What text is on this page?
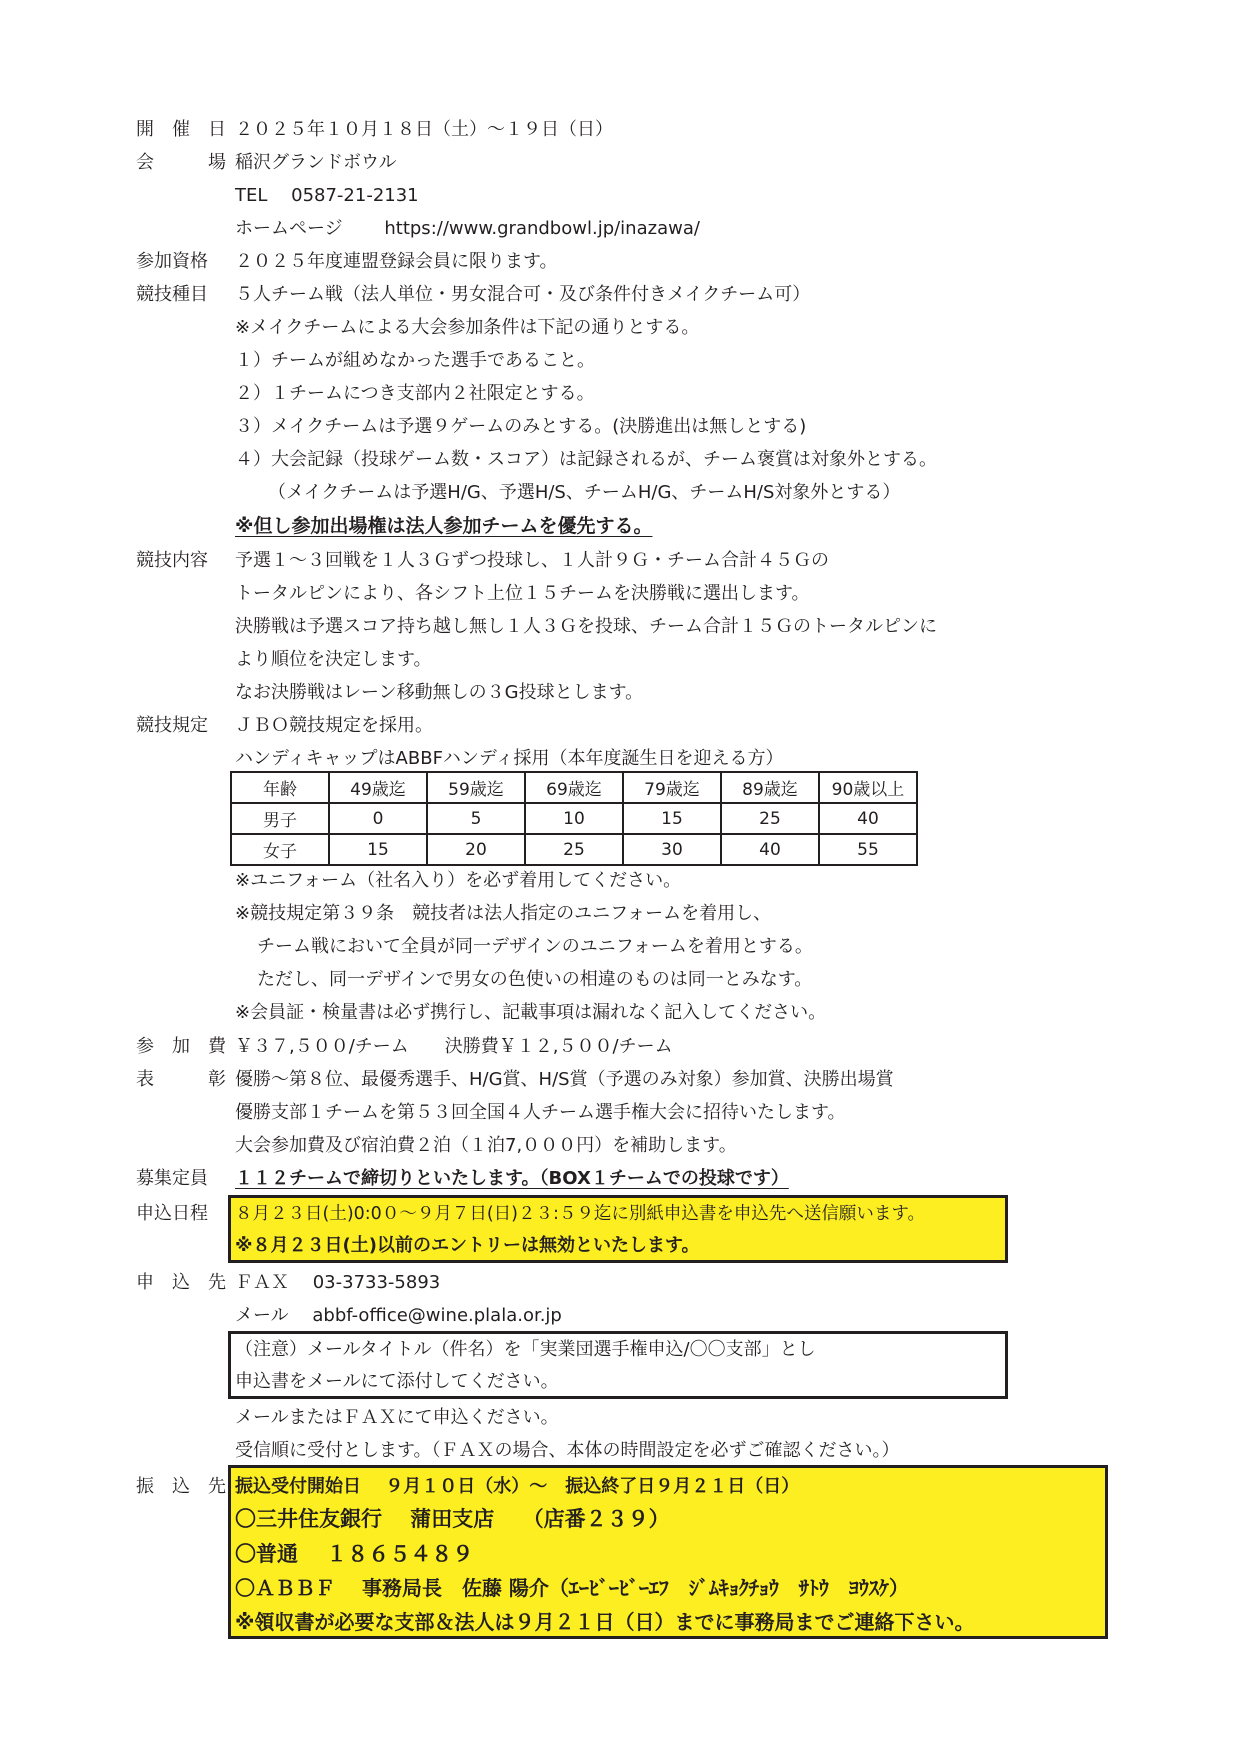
開　催　日 ２０２５年１０月１８日（土）～１９日（日）
会　　　場 稲沢グランドボウル
TEL　 0587-21-2131
ホームページ　　 https://www.grandbowl.jp/inazawa/
参加資格 ２０２５年度連盟登録会員に限ります。
競技種目 ５人チーム戦（法人単位・男女混合可・及び条件付きメイクチーム可）
※メイクチームによる大会参加条件は下記の通りとする。
１）チームが組めなかった選手であること。
２）１チームにつき支部内２社限定とする。
３）メイクチームは予選９ゲームのみとする。(決勝進出は無しとする)
４）大会記録（投球ゲーム数・スコア）は記録されるが、チーム褒賞は対象外とする。
（メイクチームは予選H/G、予選H/S、チームH/G、チームH/S対象外とする）
※但し参加出場権は法人参加チームを優先する。
競技内容 予選１～３回戦を１人３Ｇずつ投球し、１人計９Ｇ・チーム合計４５Ｇの
トータルピンにより、各シフト上位１５チームを決勝戦に選出します。
決勝戦は予選スコア持ち越し無し１人３Ｇを投球、チーム合計１５Ｇのトータルピンに
より順位を決定します。
なお決勝戦はレーン移動無しの３G投球とします。
競技規定 ＪＢＯ競技規定を採用。
ハンディキャップはABBFハンディ採用（本年度誕生日を迎える方）
年齢	49歳迄	59歳迄	69歳迄	79歳迄	89歳迄	90歳以上
男子	0	5	10	15	25	40
女子	15	20	25	30	40	55
※ユニフォーム（社名入り）を必ず着用してください。
※競技規定第３９条　競技者は法人指定のユニフォームを着用し、
チーム戦において全員が同一デザインのユニフォームを着用とする。
ただし、同一デザインで男女の色使いの相違のものは同一とみなす。
※会員証・検量書は必ず携行し、記載事項は漏れなく記入してください。
参　加　費 ￥３７,５００/チーム　　決勝費￥１２,５００/チーム
表　　　彰 優勝～第８位、最優秀選手、H/G賞、H/S賞（予選のみ対象）参加賞、決勝出場賞
優勝支部１チームを第５３回全国４人チーム選手権大会に招待いたします。
大会参加費及び宿泊費２泊（１泊7,０００円）を補助します。
募集定員 １１２チームで締切りといたします。（BOX１チームでの投球です）
申込日程 ８月２３日(土)0:0０～９月７日(日)２３:５９迄に別紙申込書を申込先へ送信願います。
※８月２３日(土)以前のエントリーは無効といたします。
申　込　先 ＦＡＸ　 03-3733-5893
メール　 abbf-office@wine.plala.or.jp
（注意）メールタイトル（件名）を「実業団選手権申込/〇〇支部」とし
申込書をメールにて添付してください。
メールまたはＦＡＸにて申込ください。
受信順に受付とします。（ＦＡＸの場合、本体の時間設定を必ずご確認ください。）
振　込　先 振込受付開始日　 ９月１０日（水）～　振込終了日９月２１日（日）
〇三井住友銀行　 蒲田支店　 （店番２３９）
〇普通　 １８６５４８９
〇ＡＢＢＦ　 事務局長　佐藤 陽介（ｴｰﾋﾞｰﾋﾞｰｴﾌ　ｼﾞﾑｷｮｸﾁｮｳ　ｻﾄｳ　ﾖｳｽｹ）
※領収書が必要な支部＆法人は９月２１日（日）までに事務局までご連絡下さい。
